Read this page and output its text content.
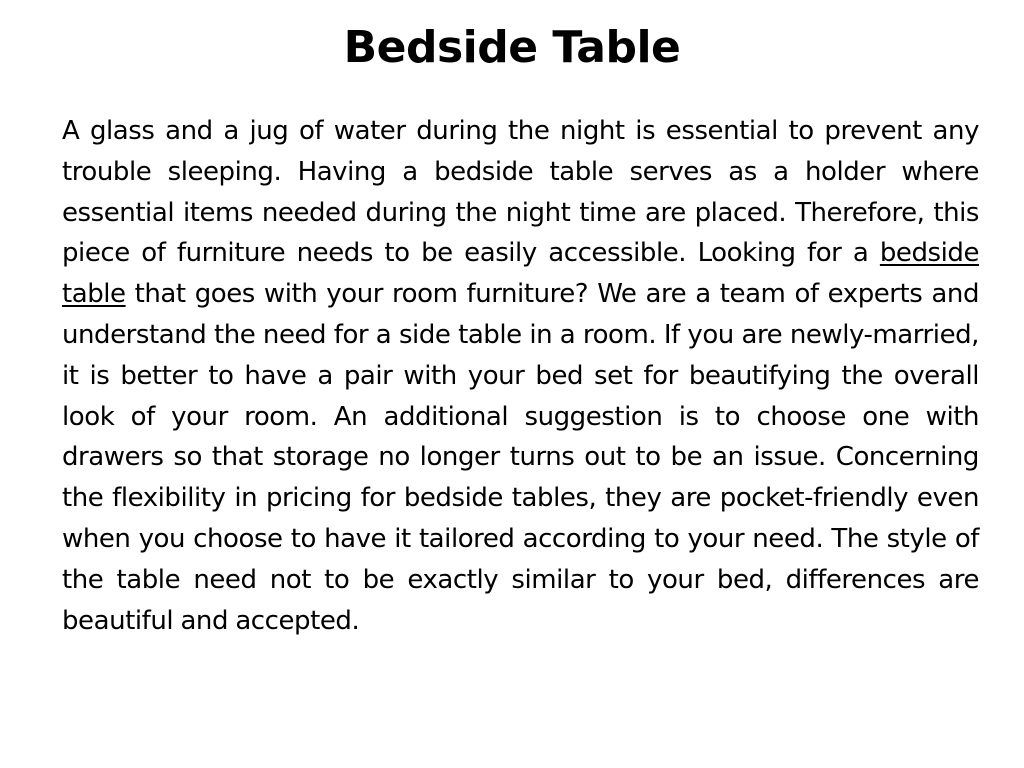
Bedside Table

A glass and a jug of water during the night is essential to prevent any trouble sleeping. Having a bedside table serves as a holder where essential items needed during the night time are placed. Therefore, this piece of furniture needs to be easily accessible. Looking for a bedside table that goes with your room furniture? We are a team of experts and understand the need for a side table in a room. If you are newly-married, it is better to have a pair with your bed set for beautifying the overall look of your room. An additional suggestion is to choose one with drawers so that storage no longer turns out to be an issue. Concerning the flexibility in pricing for bedside tables, they are pocket-friendly even when you choose to have it tailored according to your need. The style of the table need not to be exactly similar to your bed, differences are beautiful and accepted.
